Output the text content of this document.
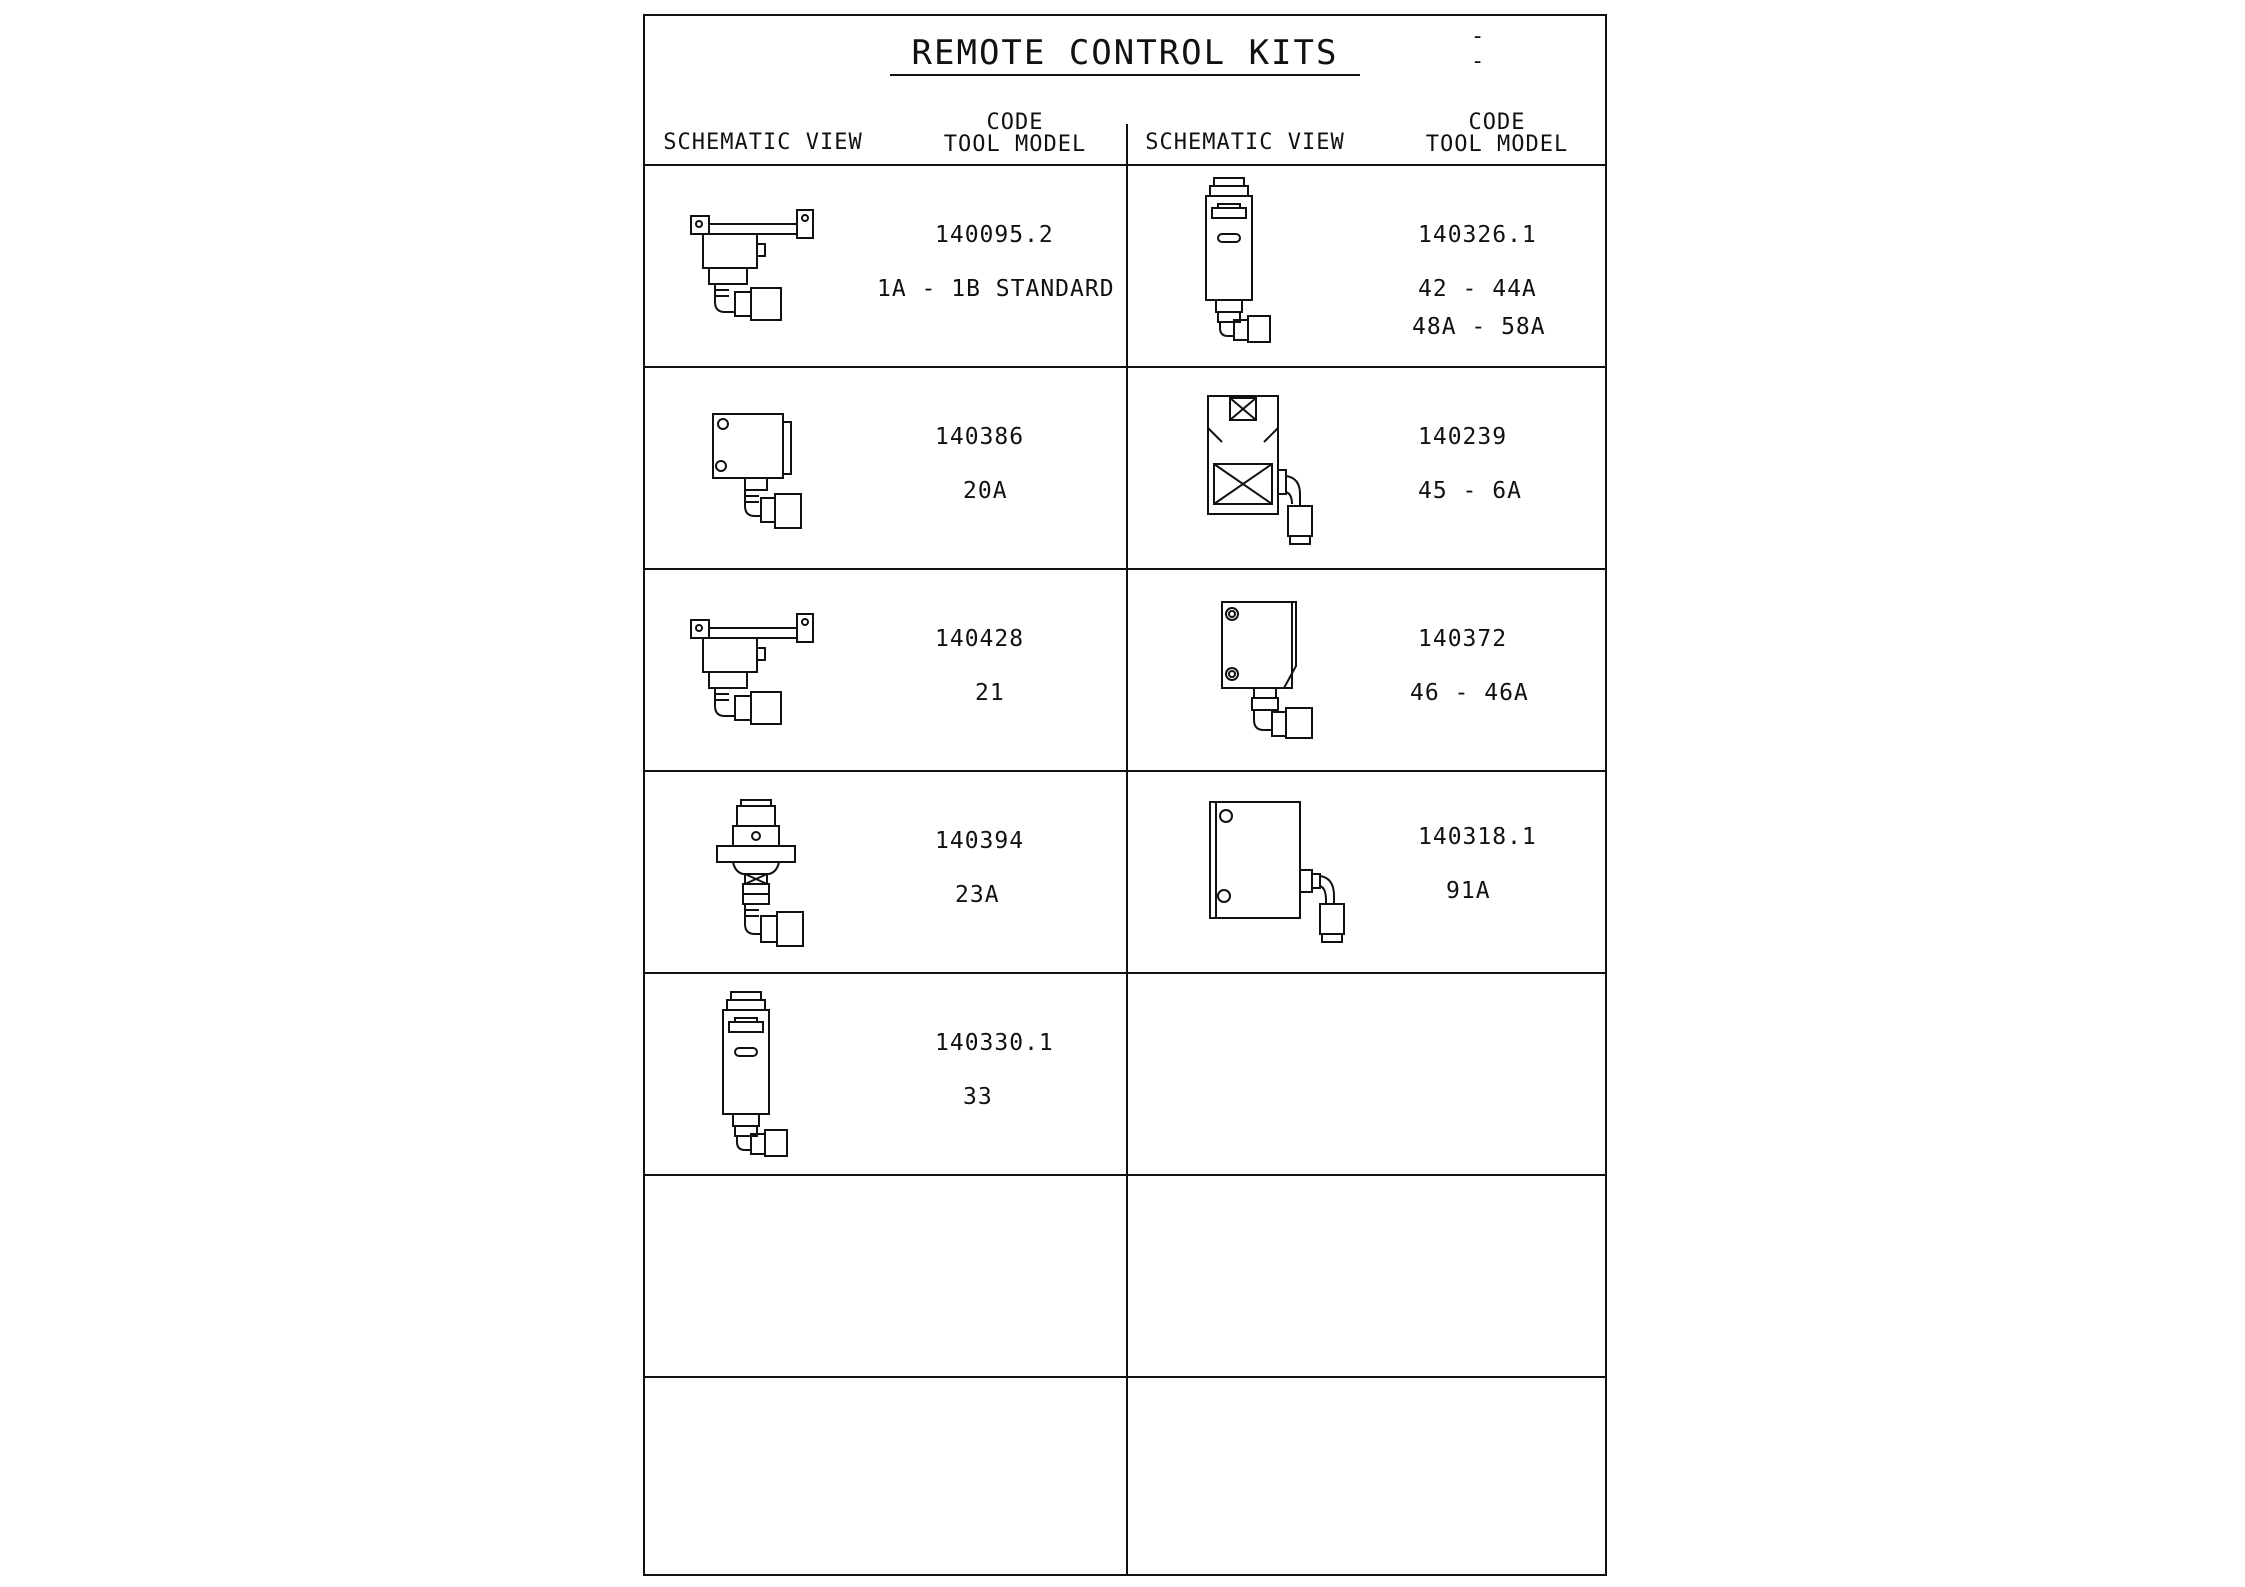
REMOTE CONTROL KITS	--
SCHEMATIC VIEW
CODE
TOOL MODEL	SCHEMATIC VIEW
CODE
TOOL MODEL
140095.2
1A - 1B STANDARD
140386
20A
140428
21
140394
23A
140330.1
33
140326.1
42 - 44A
48A - 58A
140239
45 - 6A
140372
46 - 46A
140318.1
91A
